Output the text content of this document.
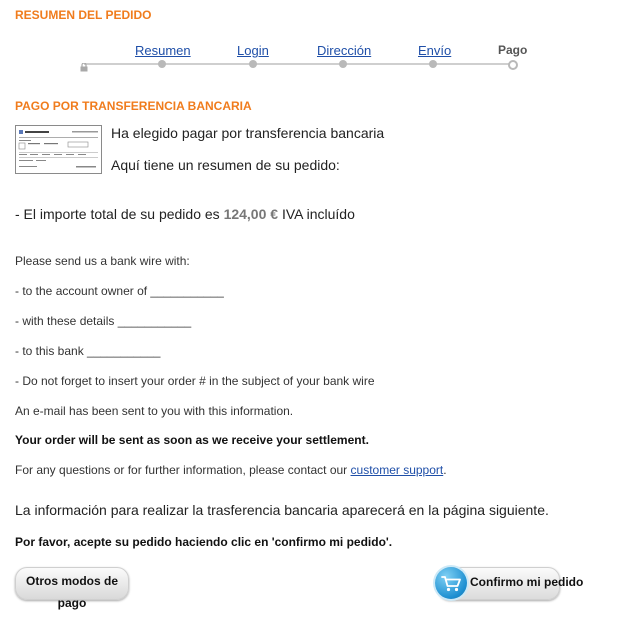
RESUMEN DEL PEDIDO
Resumen	Login	Dirección	Envío	Pago
PAGO POR TRANSFERENCIA BANCARIA
Ha elegido pagar por transferencia bancaria
Aquí tiene un resumen de su pedido:
- El importe total de su pedido es 124,00 € IVA incluído
Please send us a bank wire with:
- to the account owner of ___________
- with these details ___________
- to this bank ___________
- Do not forget to insert your order # in the subject of your bank wire
An e-mail has been sent to you with this information.
Your order will be sent as soon as we receive your settlement.
For any questions or for further information, please contact our customer support.
La información para realizar la trasferencia bancaria aparecerá en la página siguiente.
Por favor, acepte su pedido haciendo clic en 'confirmo mi pedido'.
Otros modos de pago
Confirmo mi pedido
